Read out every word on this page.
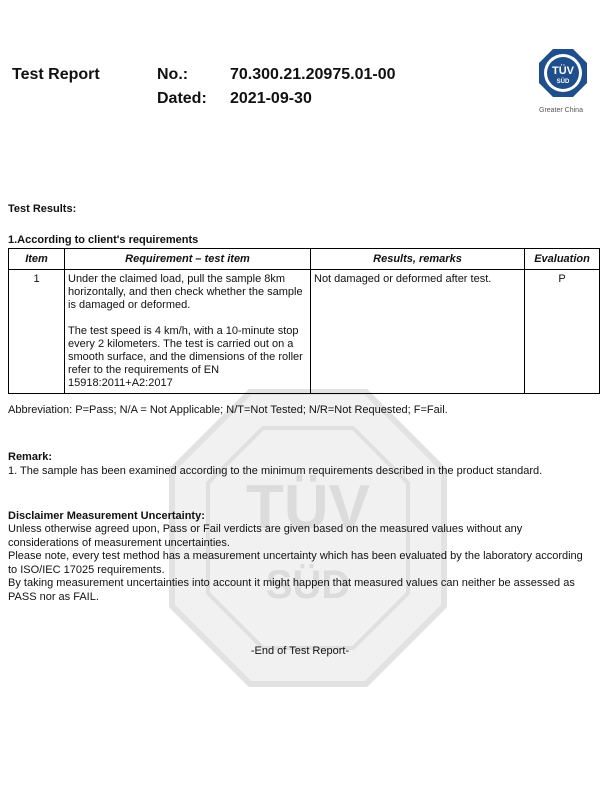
TÜV
SÜD
Test Report	No.:	70.300.21.20975.01-00
Dated: 2021-09-30
TÜV
SÜD
Greater China
Test Results:
1.According to client's requirements
Item	Requirement – test item	Results, remarks	Evaluation
1	Under the claimed load, pull the sample 8km horizontally, and then check whether the sample is damaged or deformed.
The test speed is 4 km/h, with a 10-minute stop every 2 kilometers. The test is carried out on a smooth surface, and the dimensions of the roller refer to the requirements of EN 15918:2011+A2:2017	Not damaged or deformed after test.	P
Abbreviation: P=Pass; N/A = Not Applicable; N/T=Not Tested; N/R=Not Requested; F=Fail.
Remark:
1. The sample has been examined according to the minimum requirements described in the product standard.
Disclaimer Measurement Uncertainty:
Unless otherwise agreed upon, Pass or Fail verdicts are given based on the measured values without any considerations of measurement uncertainties.
Please note, every test method has a measurement uncertainty which has been evaluated by the laboratory according to ISO/IEC 17025 requirements.
By taking measurement uncertainties into account it might happen that measured values can neither be assessed as PASS nor as FAIL.
-End of Test Report-
